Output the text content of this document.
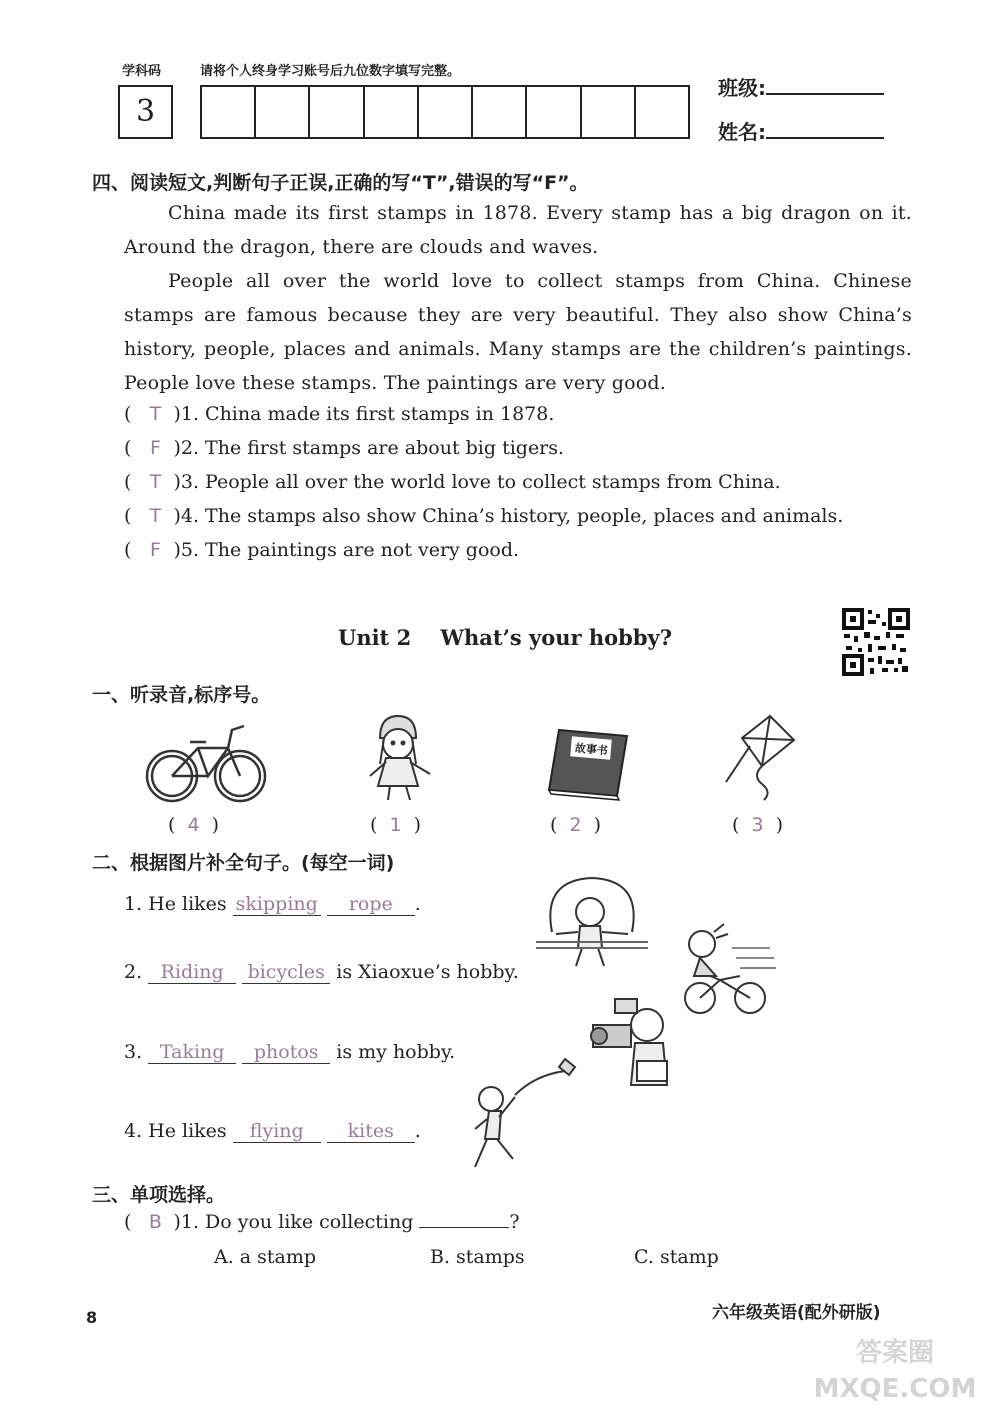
学科码	请将个人终身学习账号后九位数字填写完整。
3
班级:
姓名:
四、阅读短文,判断句子正误,正确的写“T”,错误的写“F”。
China made its first stamps in 1878. Every stamp has a big dragon on it. Around the dragon, there are clouds and waves.
People all over the world love to collect stamps from China. Chinese stamps are famous because they are very beautiful. They also show China’s history, people, places and animals. Many stamps are the children’s paintings. People love these stamps. The paintings are very good.
( T )1. China made its first stamps in 1878.
( F )2. The first stamps are about big tigers.
( T )3. People all over the world love to collect stamps from China.
( T )4. The stamps also show China’s history, people, places and animals.
( F )5. The paintings are not very good.
Unit 2    What’s your hobby?
一、听录音,标序号。
故事书
(  4  )	(  1  )	(  2  )	(  3  )
二、根据图片补全句子。(每空一词)
1. He likes skipping rope .
2. Riding bicycles is Xiaoxue’s hobby.
3. Taking photos is my hobby.
4. He likes flying kites .
三、单项选择。
( B )1. Do you like collecting	?
A. a stamp	B. stamps	C. stamp
8	六年级英语(配外研版)
答案圈 MXQE.COM
